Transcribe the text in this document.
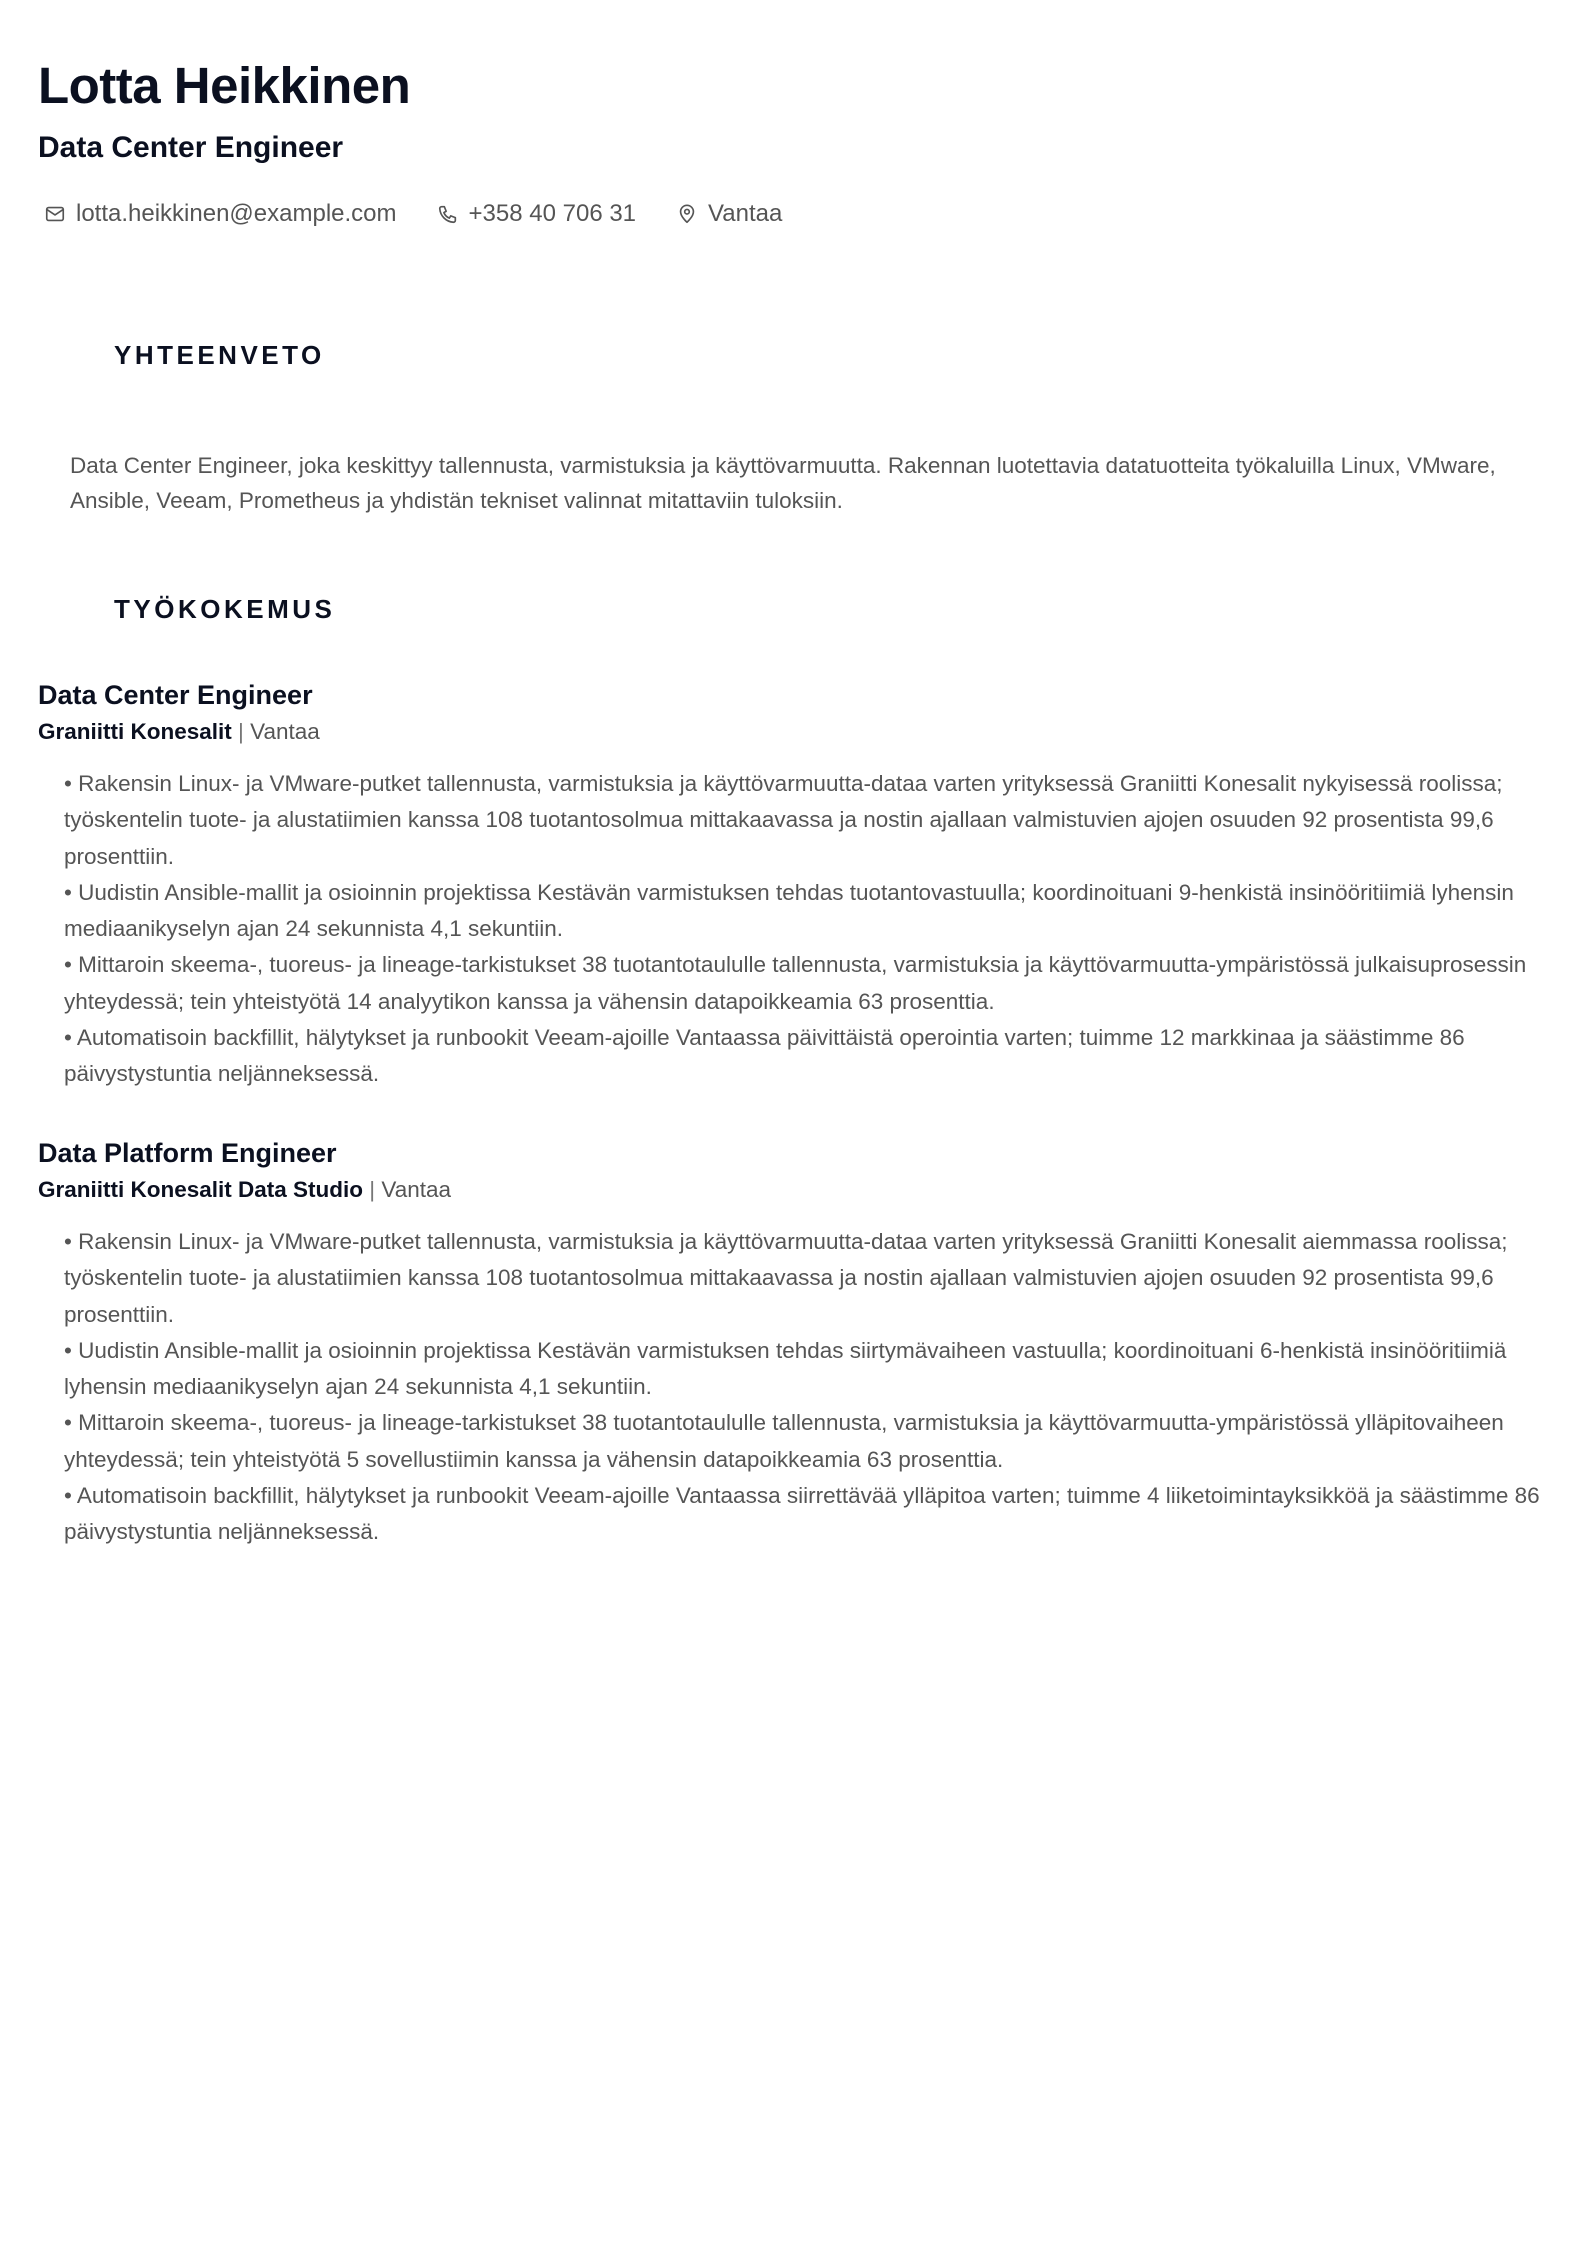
Lotta Heikkinen
Data Center Engineer
lotta.heikkinen@example.com	+358 40 706 31	Vantaa
YHTEENVETO

Data Center Engineer, joka keskittyy tallennusta, varmistuksia ja käyttövarmuutta. Rakennan luotettavia datatuotteita työkaluilla Linux, VMware, Ansible, Veeam, Prometheus ja yhdistän tekniset valinnat mitattaviin tuloksiin.

TYÖKOKEMUS
Data Center Engineer

Graniitti Konesalit | Vantaa

• Rakensin Linux- ja VMware-putket tallennusta, varmistuksia ja käyttövarmuutta-dataa varten yrityksessä Graniitti Konesalit nykyisessä roolissa; työskentelin tuote- ja alustatiimien kanssa 108 tuotantosolmua mittakaavassa ja nostin ajallaan valmistuvien ajojen osuuden 92 prosentista 99,6 prosenttiin.
• Uudistin Ansible-mallit ja osioinnin projektissa Kestävän varmistuksen tehdas tuotantovastuulla; koordinoituani 9-henkistä insinööritiimiä lyhensin mediaanikyselyn ajan 24 sekunnista 4,1 sekuntiin.
• Mittaroin skeema-, tuoreus- ja lineage-tarkistukset 38 tuotantotaululle tallennusta, varmistuksia ja käyttövarmuutta-ympäristössä julkaisuprosessin yhteydessä; tein yhteistyötä 14 analyytikon kanssa ja vähensin datapoikkeamia 63 prosenttia.
• Automatisoin backfillit, hälytykset ja runbookit Veeam-ajoille Vantaassa päivittäistä operointia varten; tuimme 12 markkinaa ja säästimme 86 päivystystuntia neljänneksessä.
Data Platform Engineer

Graniitti Konesalit Data Studio | Vantaa

• Rakensin Linux- ja VMware-putket tallennusta, varmistuksia ja käyttövarmuutta-dataa varten yrityksessä Graniitti Konesalit aiemmassa roolissa; työskentelin tuote- ja alustatiimien kanssa 108 tuotantosolmua mittakaavassa ja nostin ajallaan valmistuvien ajojen osuuden 92 prosentista 99,6 prosenttiin.
• Uudistin Ansible-mallit ja osioinnin projektissa Kestävän varmistuksen tehdas siirtymävaiheen vastuulla; koordinoituani 6-henkistä insinööritiimiä lyhensin mediaanikyselyn ajan 24 sekunnista 4,1 sekuntiin.
• Mittaroin skeema-, tuoreus- ja lineage-tarkistukset 38 tuotantotaululle tallennusta, varmistuksia ja käyttövarmuutta-ympäristössä ylläpitovaiheen yhteydessä; tein yhteistyötä 5 sovellustiimin kanssa ja vähensin datapoikkeamia 63 prosenttia.
• Automatisoin backfillit, hälytykset ja runbookit Veeam-ajoille Vantaassa siirrettävää ylläpitoa varten; tuimme 4 liiketoimintayksikköä ja säästimme 86 päivystystuntia neljänneksessä.
